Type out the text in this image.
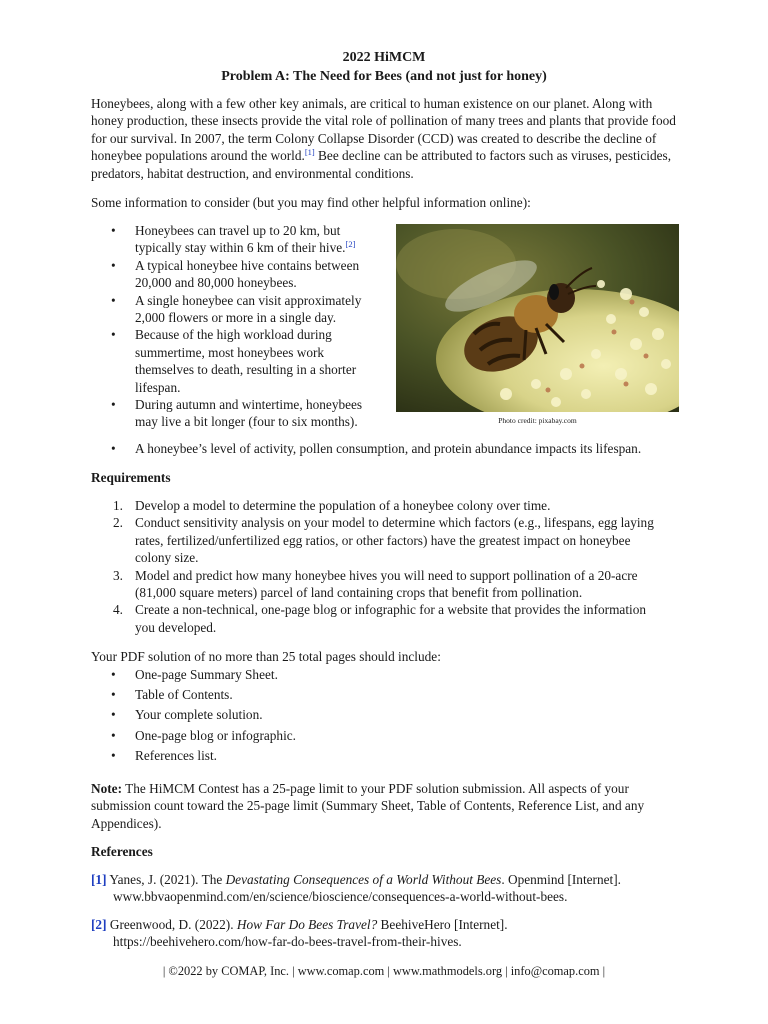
2022 HiMCM
Problem A: The Need for Bees (and not just for honey)

Honeybees, along with a few other key animals, are critical to human existence on our planet. Along with honey production, these insects provide the vital role of pollination of many trees and plants that provide food for our survival. In 2007, the term Colony Collapse Disorder (CCD) was created to describe the decline of honeybee populations around the world.[1] Bee decline can be attributed to factors such as viruses, pesticides, predators, habitat destruction, and environmental conditions.

Some information to consider (but you may find other helpful information online):

• Honeybees can travel up to 20 km, but
typically stay within 6 km of their hive.[2]
• A typical honeybee hive contains between
20,000 and 80,000 honeybees.
• A single honeybee can visit approximately
2,000 flowers or more in a single day.
• Because of the high workload during
summertime, most honeybees work
themselves to death, resulting in a shorter
lifespan.
• During autumn and wintertime, honeybees
may live a bit longer (four to six months).
• A honeybee’s level of activity, pollen consumption, and protein abundance impacts its lifespan.
Photo credit: pixabay.com

Requirements

1. Develop a model to determine the population of a honeybee colony over time.
2. Conduct sensitivity analysis on your model to determine which factors (e.g., lifespans, egg laying
rates, fertilized/unfertilized egg ratios, or other factors) have the greatest impact on honeybee
colony size.
3. Model and predict how many honeybee hives you will need to support pollination of a 20-acre
(81,000 square meters) parcel of land containing crops that benefit from pollination.
4. Create a non-technical, one-page blog or infographic for a website that provides the information
you developed.

Your PDF solution of no more than 25 total pages should include:

• One-page Summary Sheet.
• Table of Contents.
• Your complete solution.
• One-page blog or infographic.
• References list.

Note: The HiMCM Contest has a 25-page limit to your PDF solution submission. All aspects of your
submission count toward the 25-page limit (Summary Sheet, Table of Contents, Reference List, and any
Appendices).

References

[1] Yanes, J. (2021). The Devastating Consequences of a World Without Bees. Openmind [Internet].
www.bbvaopenmind.com/en/science/bioscience/consequences-a-world-without-bees.
[2] Greenwood, D. (2022). How Far Do Bees Travel? BeehiveHero [Internet].
https://beehivehero.com/how-far-do-bees-travel-from-their-hives.
| ©2022 by COMAP, Inc. | www.comap.com | www.mathmodels.org | info@comap.com |
